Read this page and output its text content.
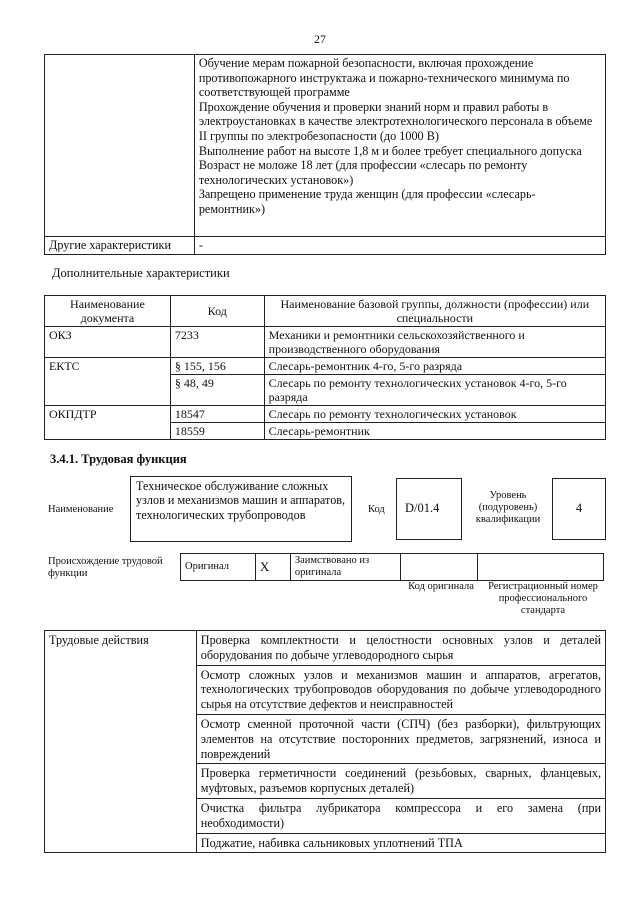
27

	Обучение мерам пожарной безопасности, включая прохождение противопожарного инструктажа и пожарно-технического минимума по соответствующей программе
Прохождение обучения и проверки знаний норм и правил работы в электроустановках в качестве электротехнологического персонала в объеме II группы по электробезопасности (до 1000 В)
Выполнение работ на высоте 1,8 м и более требует специального допуска
Возраст не моложе 18 лет (для профессии «слесарь по ремонту технологических установок»)
Запрещено применение труда женщин (для профессии «слесарь-ремонтник»)

Другие характеристики	-
Дополнительные характеристики
Наименование документа	Код	Наименование базовой группы, должности (профессии) или специальности
ОКЗ	7233	Механики и ремонтники сельскохозяйственного и производственного оборудования
ЕКТС	§ 155, 156	Слесарь-ремонтник 4-го, 5-го разряда
	§ 48, 49	Слесарь по ремонту технологических установок 4-го, 5-го разряда
ОКПДТР	18547	Слесарь по ремонту технологических установок
	18559	Слесарь-ремонтник
3.4.1. Трудовая функция
Наименование
Техническое обслуживание сложных узлов и механизмов машин и аппаратов, технологических трубопроводов	Код	D/01.4
Уровень (подуровень) квалификации
4
Происхождение трудовой функции
Оригинал	X	Заимствовано из оригинала		
Код оригинала	Регистрационный номер профессионального стандарта
Трудовые действия	Проверка комплектности и целостности основных узлов и деталей оборудования по добыче углеводородного сырья
Осмотр сложных узлов и механизмов машин и аппаратов, агрегатов, технологических трубопроводов оборудования по добыче углеводородного сырья на отсутствие дефектов и неисправностей
Осмотр сменной проточной части (СПЧ) (без разборки), фильтрующих элементов на отсутствие посторонних предметов, загрязнений, износа и повреждений
Проверка герметичности соединений (резьбовых, сварных, фланцевых, муфтовых, разъемов корпусных деталей)
Очистка фильтра лубрикатора компрессора и его замена (при необходимости)
Поджатие, набивка сальниковых уплотнений ТПА
